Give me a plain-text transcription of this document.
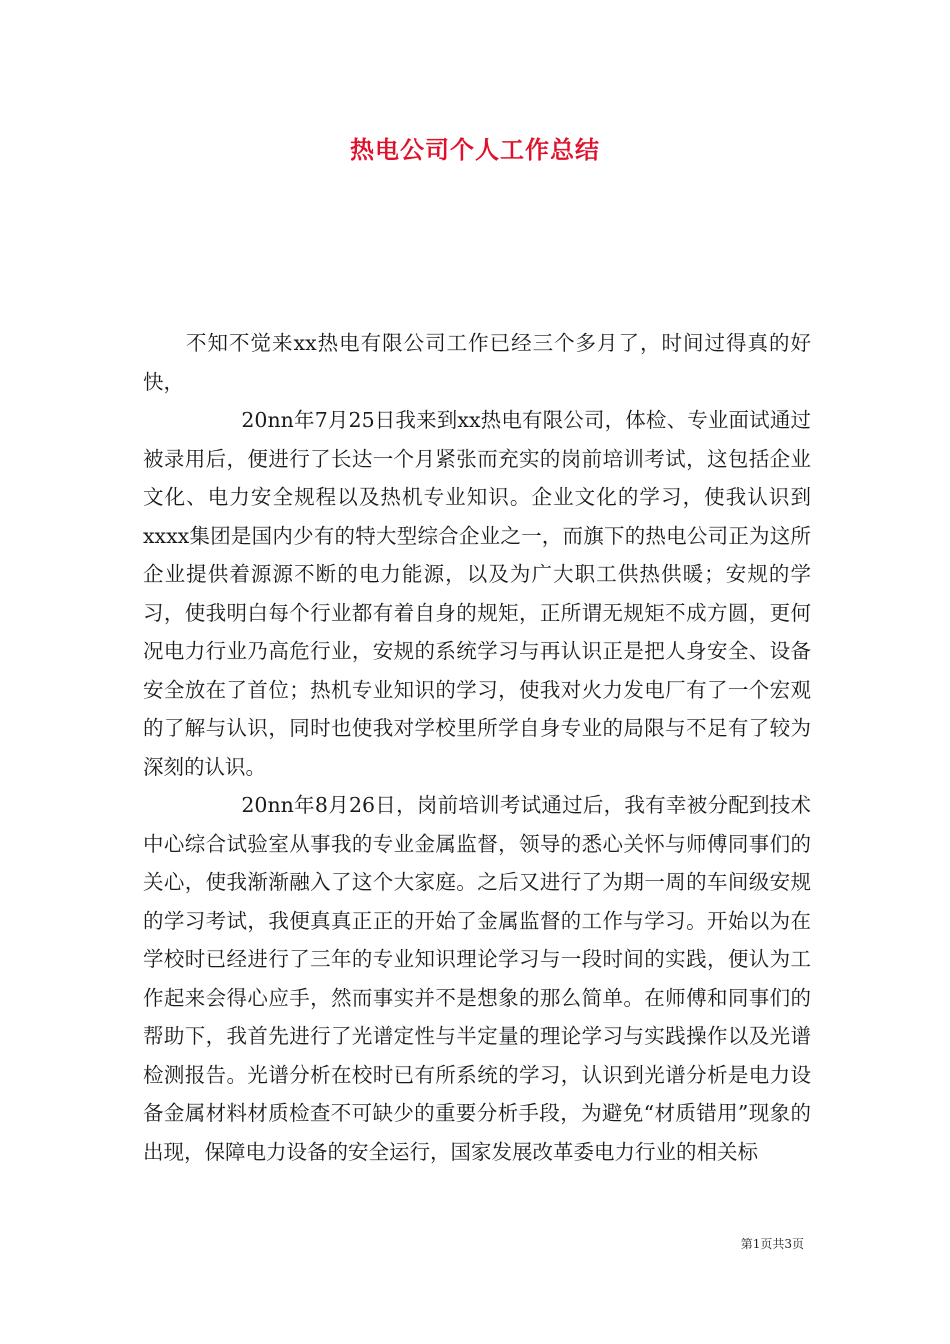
热电公司个人工作总结

不知不觉来xx热电有限公司工作已经三个多月了，时间过得真的好快，

20nn年7月25日我来到xx热电有限公司，体检、专业面试通过被录用后，便进行了长达一个月紧张而充实的岗前培训考试，这包括企业文化、电力安全规程以及热机专业知识。企业文化的学习，使我认识到xxxx集团是国内少有的特大型综合企业之一，而旗下的热电公司正为这所企业提供着源源不断的电力能源，以及为广大职工供热供暖；安规的学习，使我明白每个行业都有着自身的规矩，正所谓无规矩不成方圆，更何况电力行业乃高危行业，安规的系统学习与再认识正是把人身安全、设备安全放在了首位；热机专业知识的学习，使我对火力发电厂有了一个宏观的了解与认识，同时也使我对学校里所学自身专业的局限与不足有了较为深刻的认识。

20nn年8月26日，岗前培训考试通过后，我有幸被分配到技术中心综合试验室从事我的专业金属监督，领导的悉心关怀与师傅同事们的关心，使我渐渐融入了这个大家庭。之后又进行了为期一周的车间级安规的学习考试，我便真真正正的开始了金属监督的工作与学习。开始以为在学校时已经进行了三年的专业知识理论学习与一段时间的实践，便认为工作起来会得心应手，然而事实并不是想象的那么简单。在师傅和同事们的帮助下，我首先进行了光谱定性与半定量的理论学习与实践操作以及光谱检测报告。光谱分析在校时已有所系统的学习，认识到光谱分析是电力设备金属材料材质检查不可缺少的重要分析手段，为避免“材质错用”现象的出现，保障电力设备的安全运行，国家发展改革委电力行业的相关标

第1页共3页
